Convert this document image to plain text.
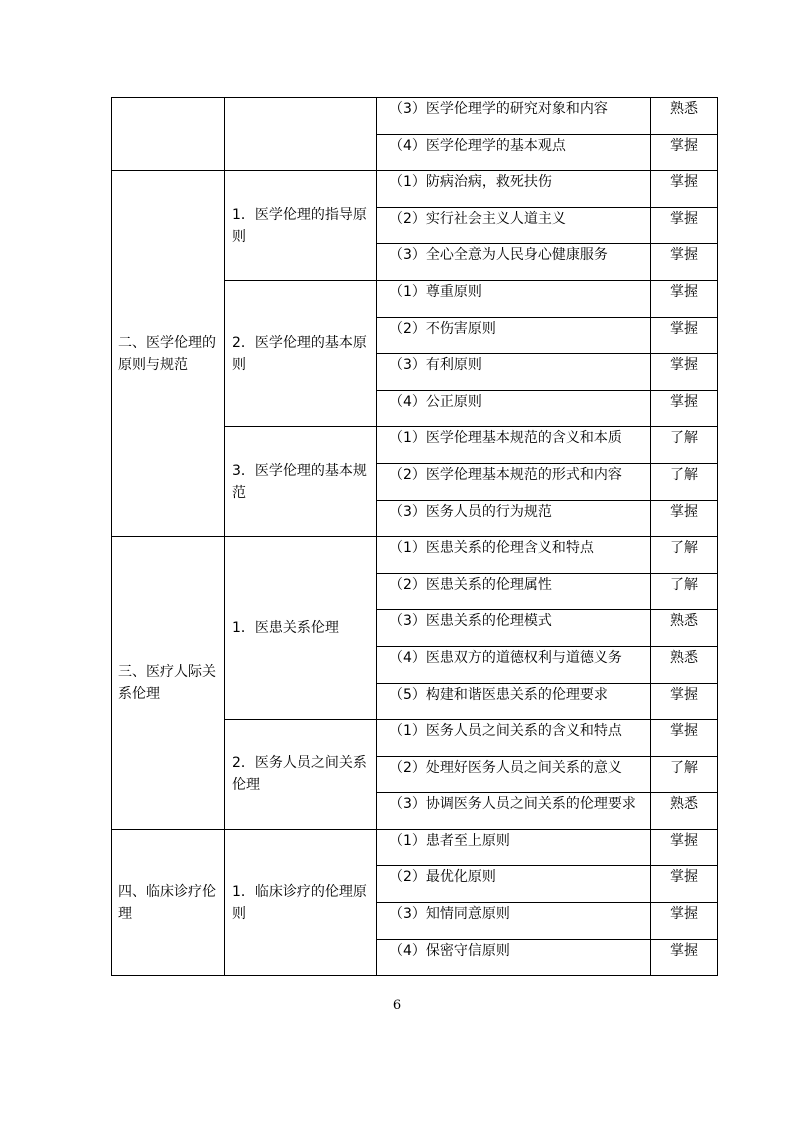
		（3）医学伦理学的研究对象和内容	熟悉

		（4）医学伦理学的基本观点	掌握

二、医学伦理的原则与规范	1．医学伦理的指导原则	（1）防病治病，救死扶伤	掌握

		（2）实行社会主义人道主义	掌握

		（3）全心全意为人民身心健康服务	掌握

	2．医学伦理的基本原则	（1）尊重原则	掌握

		（2）不伤害原则	掌握

		（3）有利原则	掌握

		（4）公正原则	掌握

	3．医学伦理的基本规范	（1）医学伦理基本规范的含义和本质	了解

		（2）医学伦理基本规范的形式和内容	了解

		（3）医务人员的行为规范	掌握

三、医疗人际关系伦理	1．医患关系伦理	（1）医患关系的伦理含义和特点	了解

		（2）医患关系的伦理属性	了解

		（3）医患关系的伦理模式	熟悉

		（4）医患双方的道德权利与道德义务	熟悉

		（5）构建和谐医患关系的伦理要求	掌握

	2．医务人员之间关系伦理	（1）医务人员之间关系的含义和特点	掌握

		（2）处理好医务人员之间关系的意义	了解

		（3）协调医务人员之间关系的伦理要求	熟悉

四、临床诊疗伦理	1．临床诊疗的伦理原则	（1）患者至上原则	掌握

		（2）最优化原则	掌握

		（3）知情同意原则	掌握

		（4）保密守信原则	掌握
6
